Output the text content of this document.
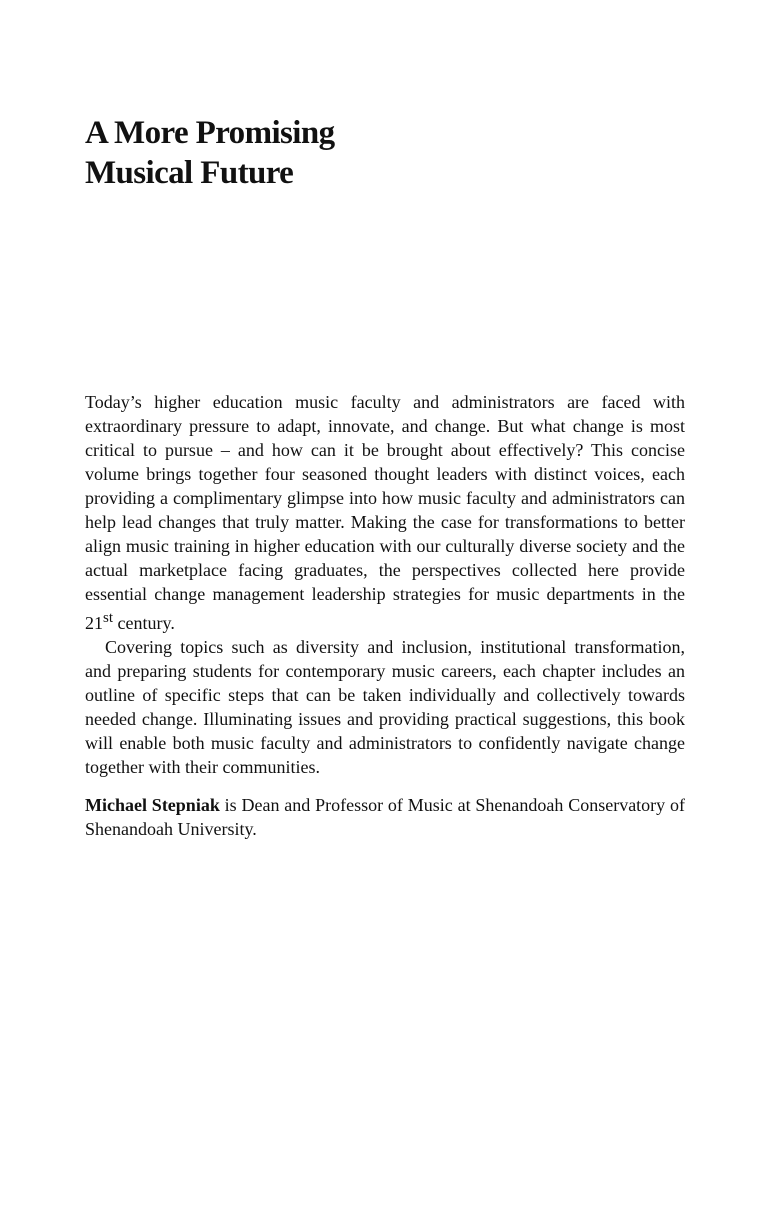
A More Promising
Musical Future

Today’s higher education music faculty and administrators are faced with extraordinary pressure to adapt, innovate, and change. But what change is most critical to pursue – and how can it be brought about effectively? This concise volume brings together four seasoned thought leaders with distinct voices, each providing a complimentary glimpse into how music faculty and administrators can help lead changes that truly matter. Making the case for transformations to better align music training in higher education with our culturally diverse society and the actual marketplace facing graduates, the perspectives collected here provide essential change management leadership strategies for music departments in the 21st century.

Covering topics such as diversity and inclusion, institutional transformation, and preparing students for contemporary music careers, each chapter includes an outline of specific steps that can be taken individually and collectively towards needed change. Illuminating issues and providing practical suggestions, this book will enable both music faculty and administrators to confidently navigate change together with their communities.

Michael Stepniak is Dean and Professor of Music at Shenandoah Conservatory of Shenandoah University.
